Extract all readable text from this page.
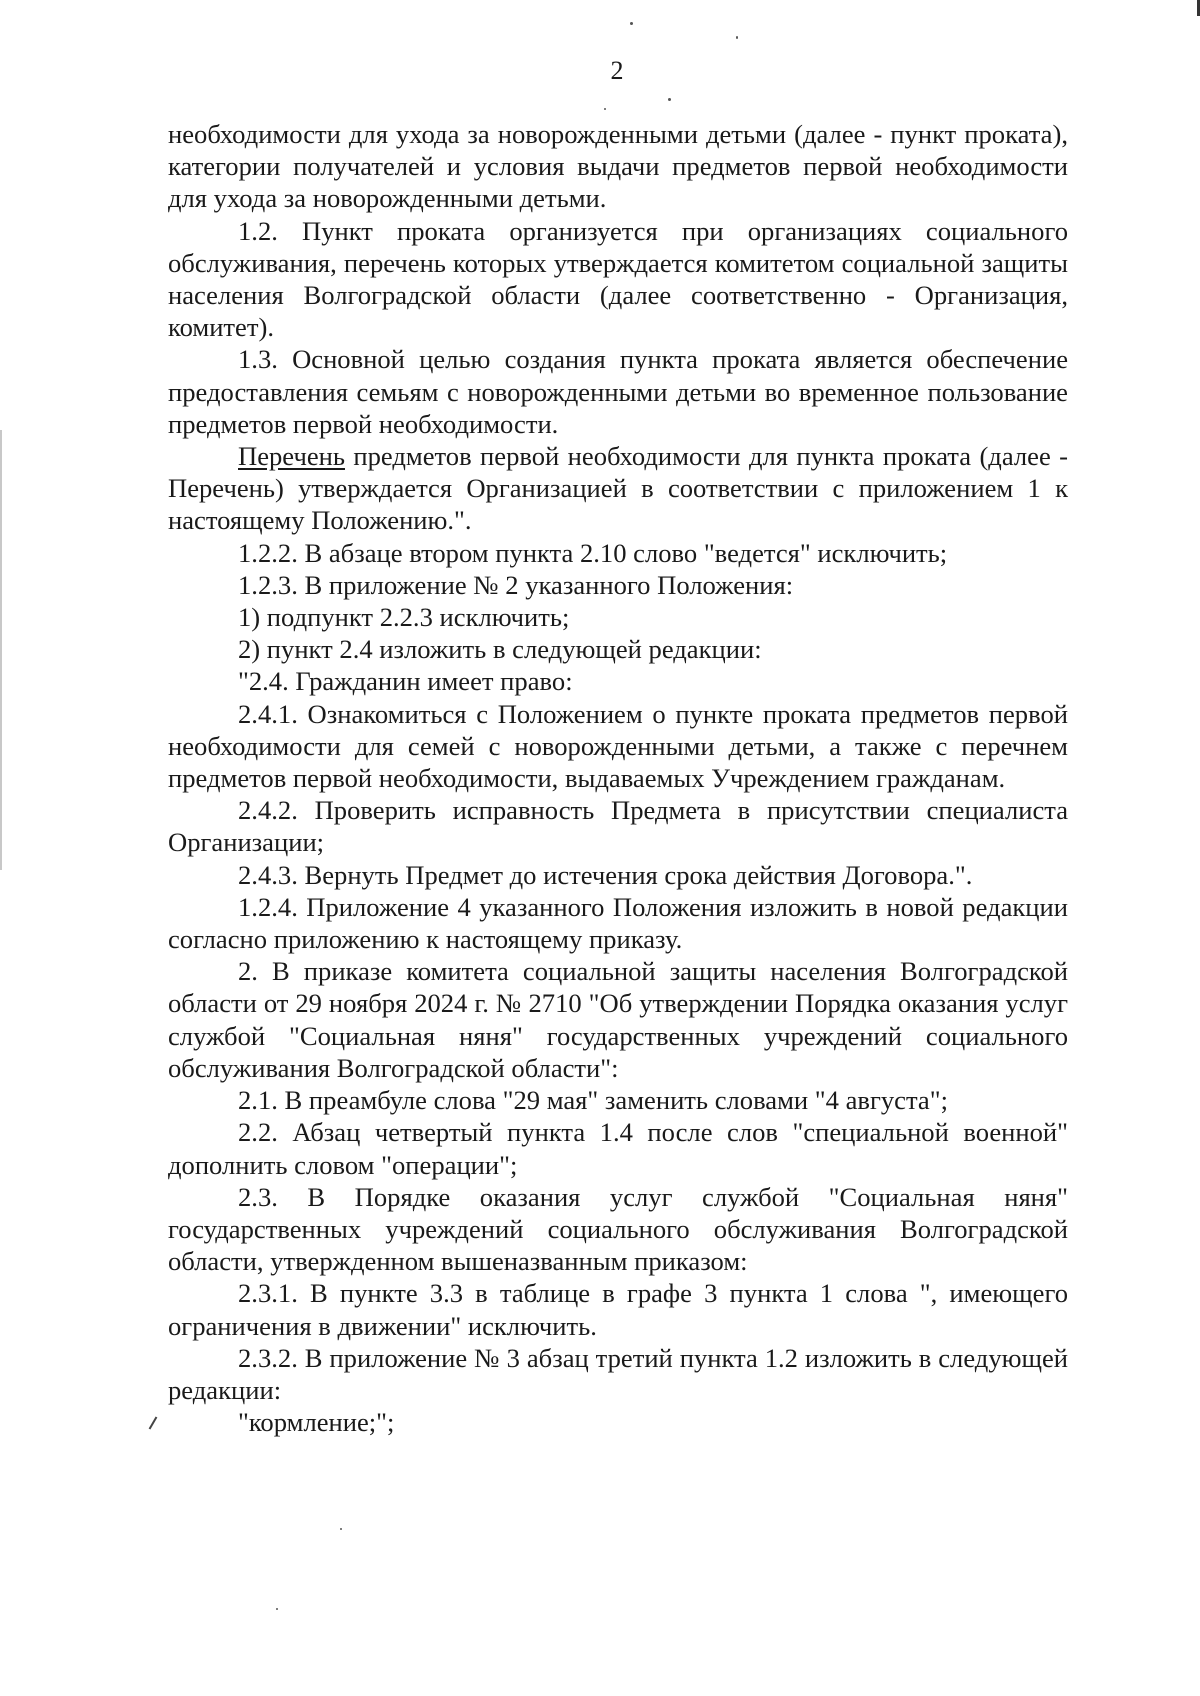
2

необходимости для ухода за новорожденными детьми (далее - пункт проката), категории получателей и условия выдачи предметов первой необходимости для ухода за новорожденными детьми.

1.2. Пункт проката организуется при организациях социального обслуживания, перечень которых утверждается комитетом социальной защиты населения Волгоградской области (далее соответственно - Организация, комитет).

1.3. Основной целью создания пункта проката является обеспечение предоставления семьям с новорожденными детьми во временное пользование предметов первой необходимости.

Перечень предметов первой необходимости для пункта проката (далее - Перечень) утверждается Организацией в соответствии с приложением 1 к настоящему Положению.".

1.2.2. В абзаце втором пункта 2.10 слово "ведется" исключить;

1.2.3. В приложение № 2 указанного Положения:

1) подпункт 2.2.3 исключить;

2) пункт 2.4 изложить в следующей редакции:

"2.4. Гражданин имеет право:

2.4.1. Ознакомиться с Положением о пункте проката предметов первой необходимости для семей с новорожденными детьми, а также с перечнем предметов первой необходимости, выдаваемых Учреждением гражданам.

2.4.2. Проверить исправность Предмета в присутствии специалиста Организации;

2.4.3. Вернуть Предмет до истечения срока действия Договора.".

1.2.4. Приложение 4 указанного Положения изложить в новой редакции согласно приложению к настоящему приказу.

2. В приказе комитета социальной защиты населения Волгоградской области от 29 ноября 2024 г. № 2710 "Об утверждении Порядка оказания услуг службой "Социальная няня" государственных учреждений социального обслуживания Волгоградской области":

2.1. В преамбуле слова "29 мая" заменить словами "4 августа";

2.2. Абзац четвертый пункта 1.4 после слов "специальной военной" дополнить словом "операции";

2.3. В Порядке оказания услуг службой "Социальная няня" государственных учреждений социального обслуживания Волгоградской области, утвержденном вышеназванным приказом:

2.3.1. В пункте 3.3 в таблице в графе 3 пункта 1 слова ", имеющего ограничения в движении" исключить.

2.3.2. В приложение № 3 абзац третий пункта 1.2 изложить в следующей редакции:

"кормление;";
